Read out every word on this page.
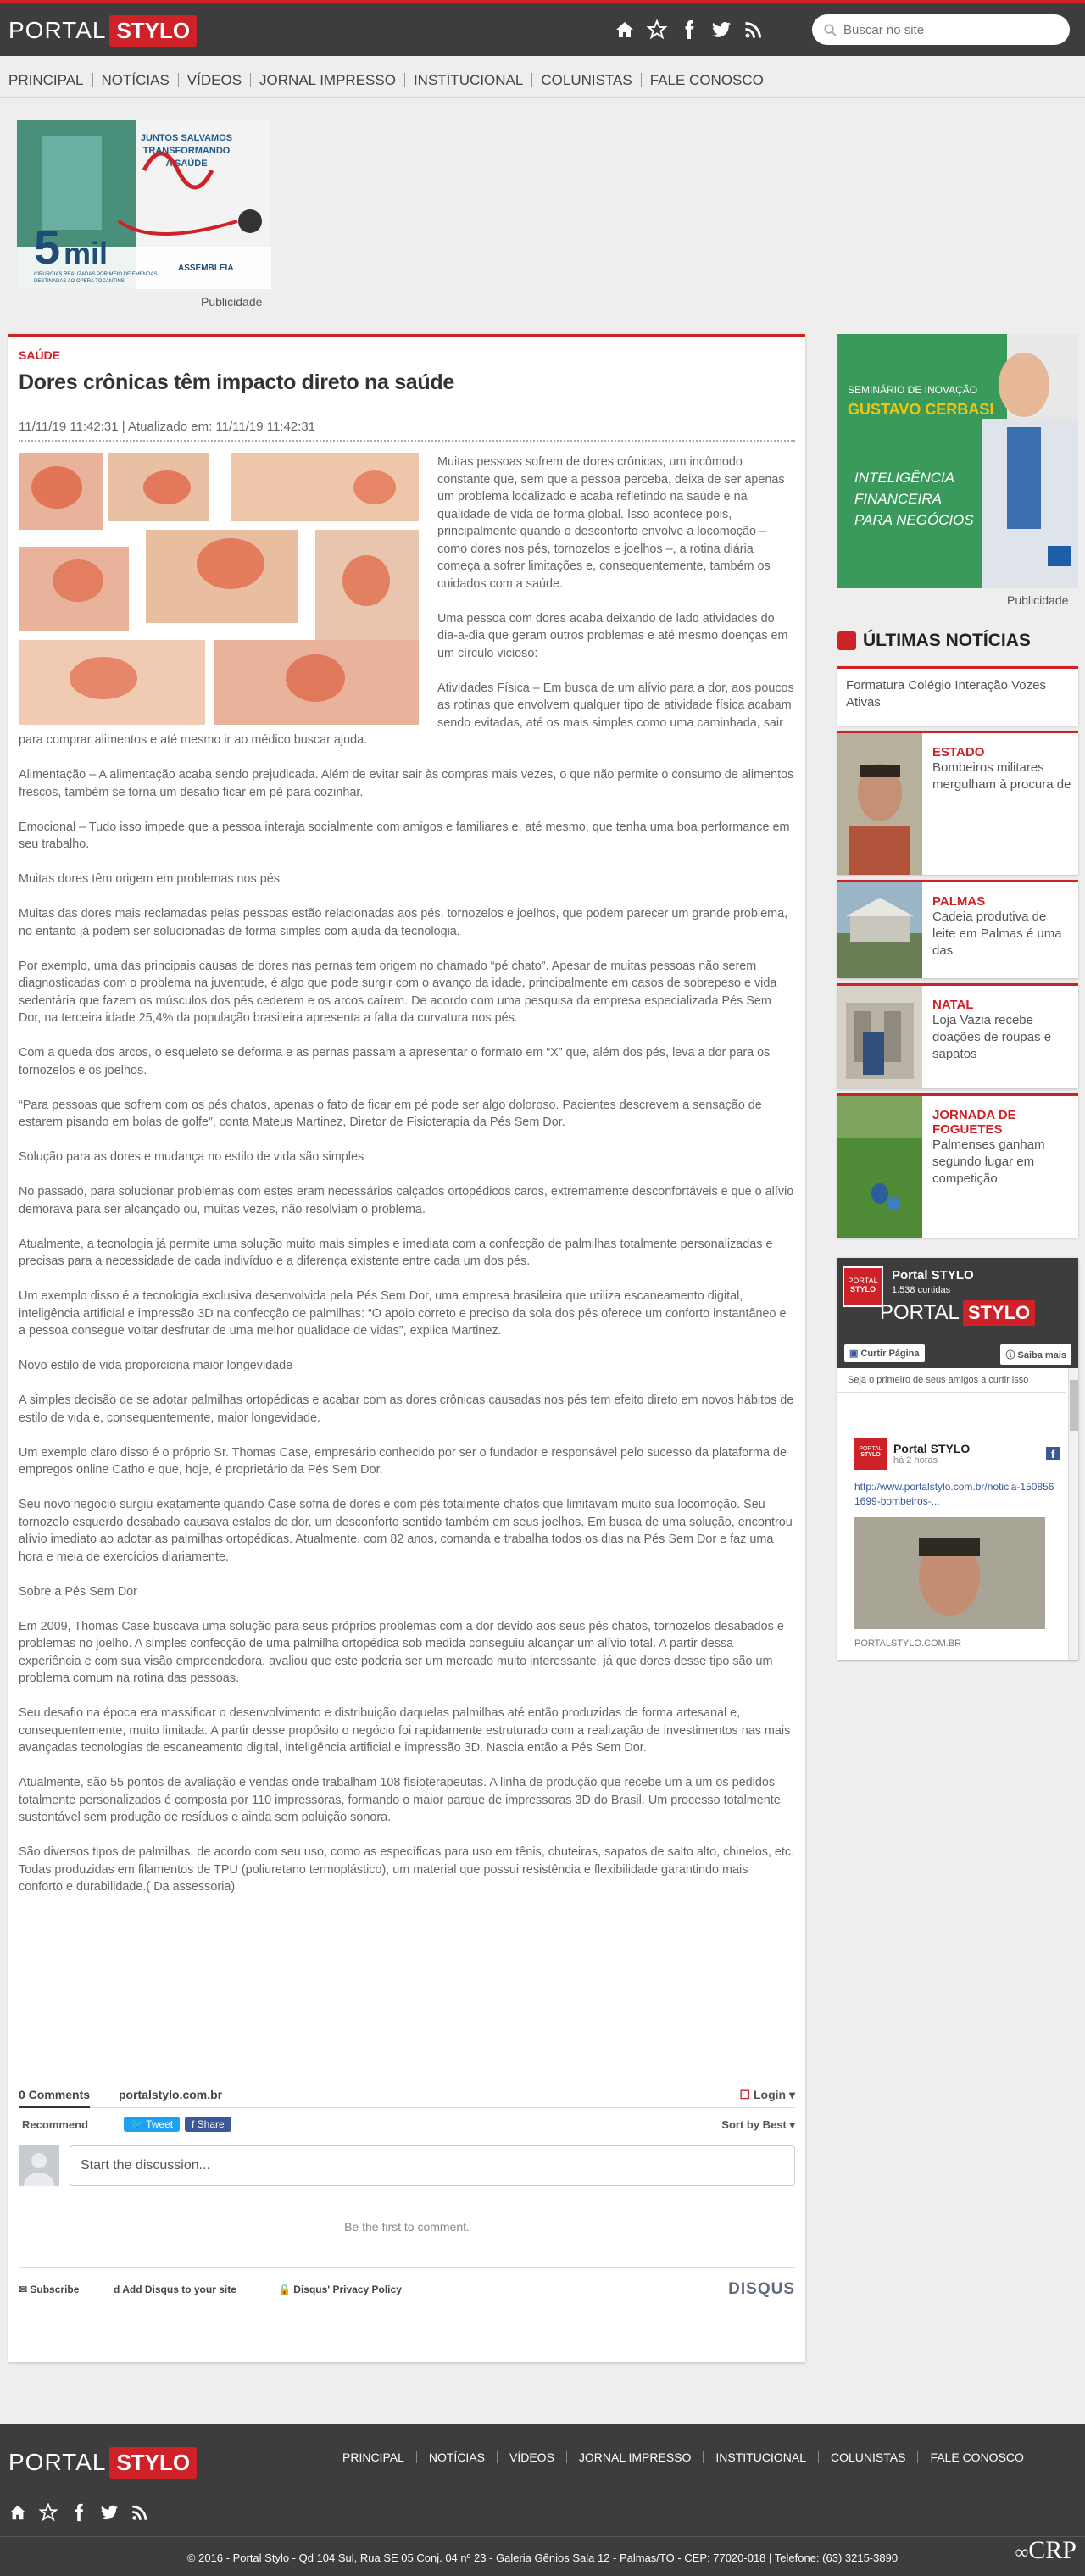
PORTAL STYLO
Buscar no site
PRINCIPAL	NOTÍCIAS	VÍDEOS	JORNAL IMPRESSO	INSTITUCIONAL	COLUNISTAS	FALE CONOSCO
JUNTOS SALVAMOS
TRANSFORMANDO
A SAÚDE
5 mil
CIRURGIAS REALIZADAS POR MEIO DE EMENDAS
DESTINADAS AO OPERA TOCANTINS.
ASSEMBLEIA
Publicidade
SAÚDE
Dores crônicas têm impacto direto na saúde
11/11/19 11:42:31 | Atualizado em: 11/11/19 11:42:31

Muitas pessoas sofrem de dores crônicas, um incômodo constante que, sem que a pessoa perceba, deixa de ser apenas um problema localizado e acaba refletindo na saúde e na qualidade de vida de forma global. Isso acontece pois, principalmente quando o desconforto envolve a locomoção – como dores nos pés, tornozelos e joelhos –, a rotina diária começa a sofrer limitações e, consequentemente, também os cuidados com a saúde.

Uma pessoa com dores acaba deixando de lado atividades do dia-a-dia que geram outros problemas e até mesmo doenças em um círculo vicioso:

Atividades Física – Em busca de um alívio para a dor, aos poucos as rotinas que envolvem qualquer tipo de atividade física acabam sendo evitadas, até os mais simples como uma caminhada, sair para comprar alimentos e até mesmo ir ao médico buscar ajuda.

Alimentação – A alimentação acaba sendo prejudicada. Além de evitar sair às compras mais vezes, o que não permite o consumo de alimentos frescos, também se torna um desafio ficar em pé para cozinhar.

Emocional – Tudo isso impede que a pessoa interaja socialmente com amigos e familiares e, até mesmo, que tenha uma boa performance em seu trabalho.

Muitas dores têm origem em problemas nos pés

Muitas das dores mais reclamadas pelas pessoas estão relacionadas aos pés, tornozelos e joelhos, que podem parecer um grande problema, no entanto já podem ser solucionadas de forma simples com ajuda da tecnologia.

Por exemplo, uma das principais causas de dores nas pernas tem origem no chamado “pé chato”. Apesar de muitas pessoas não serem diagnosticadas com o problema na juventude, é algo que pode surgir com o avanço da idade, principalmente em casos de sobrepeso e vida sedentária que fazem os músculos dos pés cederem e os arcos caírem. De acordo com uma pesquisa da empresa especializada Pés Sem Dor, na terceira idade 25,4% da população brasileira apresenta a falta da curvatura nos pés.

Com a queda dos arcos, o esqueleto se deforma e as pernas passam a apresentar o formato em “X” que, além dos pés, leva a dor para os tornozelos e os joelhos.

“Para pessoas que sofrem com os pés chatos, apenas o fato de ficar em pé pode ser algo doloroso. Pacientes descrevem a sensação de estarem pisando em bolas de golfe”, conta Mateus Martinez, Diretor de Fisioterapia da Pés Sem Dor.

Solução para as dores e mudança no estilo de vida são simples

No passado, para solucionar problemas com estes eram necessários calçados ortopédicos caros, extremamente desconfortáveis e que o alívio demorava para ser alcançado ou, muitas vezes, não resolviam o problema.

Atualmente, a tecnologia já permite uma solução muito mais simples e imediata com a confecção de palmilhas totalmente personalizadas e precisas para a necessidade de cada indivíduo e a diferença existente entre cada um dos pés.

Um exemplo disso é a tecnologia exclusiva desenvolvida pela Pés Sem Dor, uma empresa brasileira que utiliza escaneamento digital, inteligência artificial e impressão 3D na confecção de palmilhas: “O apoio correto e preciso da sola dos pés oferece um conforto instantâneo e a pessoa consegue voltar desfrutar de uma melhor qualidade de vidas”, explica Martinez.

Novo estilo de vida proporciona maior longevidade

A simples decisão de se adotar palmilhas ortopédicas e acabar com as dores crônicas causadas nos pés tem efeito direto em novos hábitos de estilo de vida e, consequentemente, maior longevidade.

Um exemplo claro disso é o próprio Sr. Thomas Case, empresário conhecido por ser o fundador e responsável pelo sucesso da plataforma de empregos online Catho e que, hoje, é proprietário da Pés Sem Dor.

Seu novo negócio surgiu exatamente quando Case sofria de dores e com pés totalmente chatos que limitavam muito sua locomoção. Seu tornozelo esquerdo desabado causava estalos de dor, um desconforto sentido também em seus joelhos. Em busca de uma solução, encontrou alívio imediato ao adotar as palmilhas ortopédicas. Atualmente, com 82 anos, comanda e trabalha todos os dias na Pés Sem Dor e faz uma hora e meia de exercícios diariamente.

Sobre a Pés Sem Dor

Em 2009, Thomas Case buscava uma solução para seus próprios problemas com a dor devido aos seus pés chatos, tornozelos desabados e problemas no joelho. A simples confecção de uma palmilha ortopédica sob medida conseguiu alcançar um alívio total. A partir dessa experiência e com sua visão empreendedora, avaliou que este poderia ser um mercado muito interessante, já que dores desse tipo são um problema comum na rotina das pessoas.

Seu desafio na época era massificar o desenvolvimento e distribuição daquelas palmilhas até então produzidas de forma artesanal e, consequentemente, muito limitada. A partir desse propósito o negócio foi rapidamente estruturado com a realização de investimentos nas mais avançadas tecnologias de escaneamento digital, inteligência artificial e impressão 3D. Nascia então a Pés Sem Dor.

Atualmente, são 55 pontos de avaliação e vendas onde trabalham 108 fisioterapeutas. A linha de produção que recebe um a um os pedidos totalmente personalizados é composta por 110 impressoras, formando o maior parque de impressoras 3D do Brasil. Um processo totalmente sustentável sem produção de resíduos e ainda sem poluição sonora.

São diversos tipos de palmilhas, de acordo com seu uso, como as específicas para uso em tênis, chuteiras, sapatos de salto alto, chinelos, etc. Todas produzidas em filamentos de TPU (poliuretano termoplástico), um material que possui resistência e flexibilidade garantindo mais conforto e durabilidade.( Da assessoria)

0 Comments portalstylo.com.br	☐ Login ▾
Recommend	🐦 Tweet	f Share	Sort by Best ▾
Start the discussion...
Be the first to comment.
✉ Subscribe	d Add Disqus to your site	🔒 Disqus' Privacy Policy	DISQUS
SEMINÁRIO DE INOVAÇÃO
GUSTAVO CERBASI
INTELIGÊNCIA
FINANCEIRA
PARA NEGÓCIOS
Publicidade
ÚLTIMAS NOTÍCIAS
Formatura Colégio Interação Vozes Ativas
ESTADO
Bombeiros militares mergulham à procura de
PALMAS
Cadeia produtiva de leite em Palmas é uma das
NATAL
Loja Vazia recebe doações de roupas e sapatos
JORNADA DE FOGUETES
Palmenses ganham segundo lugar em competição
PORTAL
STYLO
Portal STYLO
1.538 curtidas
PORTAL STYLO
▣ Curtir Página	ⓘ Saiba mais
Seja o primeiro de seus amigos a curtir isso
PORTAL
STYLO	Portal STYLO
há 2 horas	f
http://www.portalstylo.com.br/noticia-1508561699-bombeiros-...
PORTALSTYLO.COM.BR
PORTAL STYLO	PRINCIPAL	NOTÍCIAS	VÍDEOS	JORNAL IMPRESSO	INSTITUCIONAL	COLUNISTAS	FALE CONOSCO
© 2016 - Portal Stylo - Qd 104 Sul, Rua SE 05 Conj. 04 nº 23 - Galeria Gênios Sala 12 - Palmas/TO - CEP: 77020-018 | Telefone: (63) 3215-3890	∞CRP
